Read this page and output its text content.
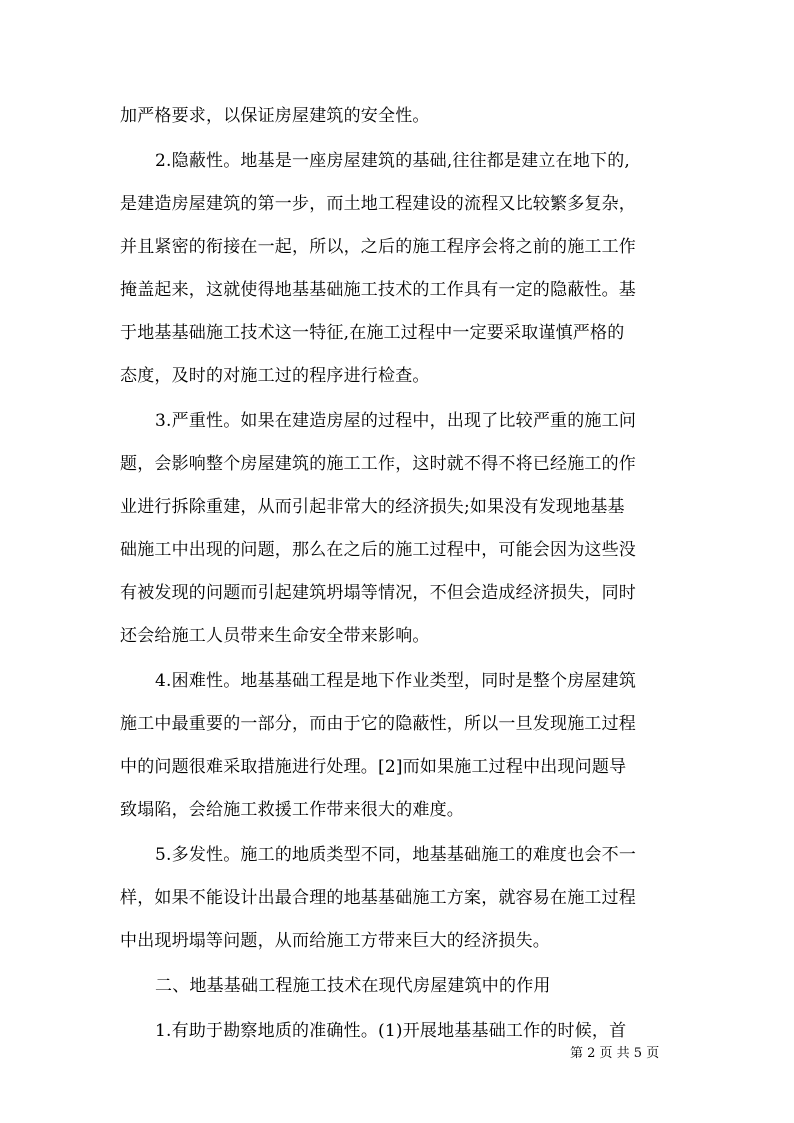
加严格要求，以保证房屋建筑的安全性。
2.隐蔽性。地基是一座房屋建筑的基础,往往都是建立在地下的,
是建造房屋建筑的第一步，而土地工程建设的流程又比较繁多复杂，
并且紧密的衔接在一起，所以，之后的施工程序会将之前的施工工作
掩盖起来，这就使得地基基础施工技术的工作具有一定的隐蔽性。基
于地基基础施工技术这一特征,在施工过程中一定要采取谨慎严格的
态度，及时的对施工过的程序进行检查。
3.严重性。如果在建造房屋的过程中，出现了比较严重的施工问
题，会影响整个房屋建筑的施工工作，这时就不得不将已经施工的作
业进行拆除重建，从而引起非常大的经济损失;如果没有发现地基基
础施工中出现的问题，那么在之后的施工过程中，可能会因为这些没
有被发现的问题而引起建筑坍塌等情况，不但会造成经济损失，同时
还会给施工人员带来生命安全带来影响。
4.困难性。地基基础工程是地下作业类型，同时是整个房屋建筑
施工中最重要的一部分，而由于它的隐蔽性，所以一旦发现施工过程
中的问题很难采取措施进行处理。[2]而如果施工过程中出现问题导
致塌陷，会给施工救援工作带来很大的难度。
5.多发性。施工的地质类型不同，地基基础施工的难度也会不一
样，如果不能设计出最合理的地基基础施工方案，就容易在施工过程
中出现坍塌等问题，从而给施工方带来巨大的经济损失。
二、地基基础工程施工技术在现代房屋建筑中的作用
1.有助于勘察地质的准确性。(1)开展地基基础工作的时候，首
第 2 页 共 5 页
